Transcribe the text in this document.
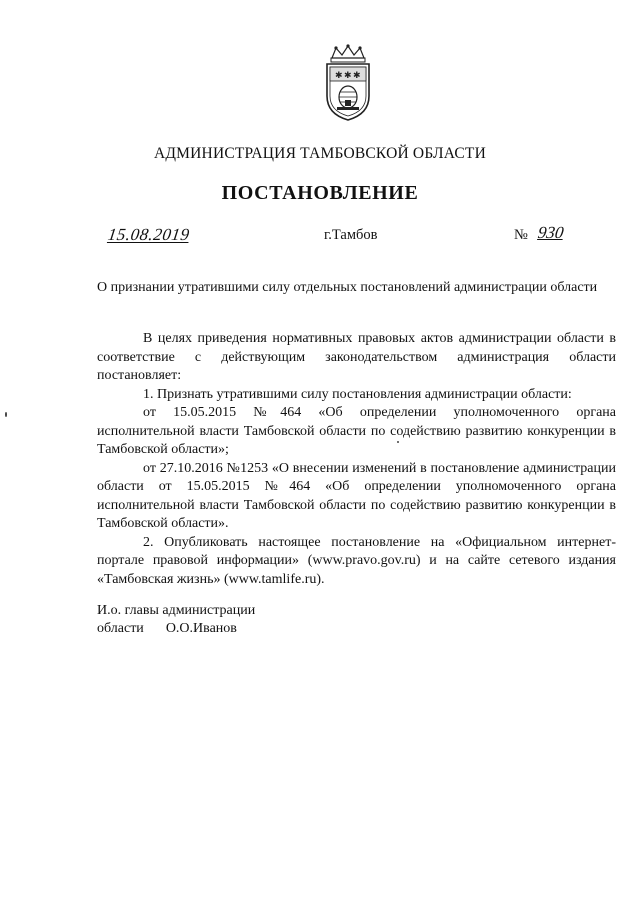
✱ ✱ ✱
АДМИНИСТРАЦИЯ ТАМБОВСКОЙ ОБЛАСТИ
ПОСТАНОВЛЕНИЕ
15.08.2019	г.Тамбов	№ 930
О признании утратившими силу отдельных постановлений администрации области

В целях приведения нормативных правовых актов администрации области в соответствие с действующим законодательством администрация области постановляет:

1. Признать утратившими силу постановления администрации области:

от 15.05.2015 №464 «Об определении уполномоченного органа исполнительной власти Тамбовской области по содействию развитию конкуренции в Тамбовской области»;

от 27.10.2016 №1253 «О внесении изменений в постановление администрации области от 15.05.2015 №464 «Об определении уполномоченного органа исполнительной власти Тамбовской области по содействию развитию конкуренции в Тамбовской области».

2. Опубликовать настоящее постановление на «Официальном интернет-портале правовой информации» (www.pravo.gov.ru) и на сайте сетевого издания «Тамбовская жизнь» (www.tamlife.ru).

И.о. главы администрации
области О.О.Иванов
